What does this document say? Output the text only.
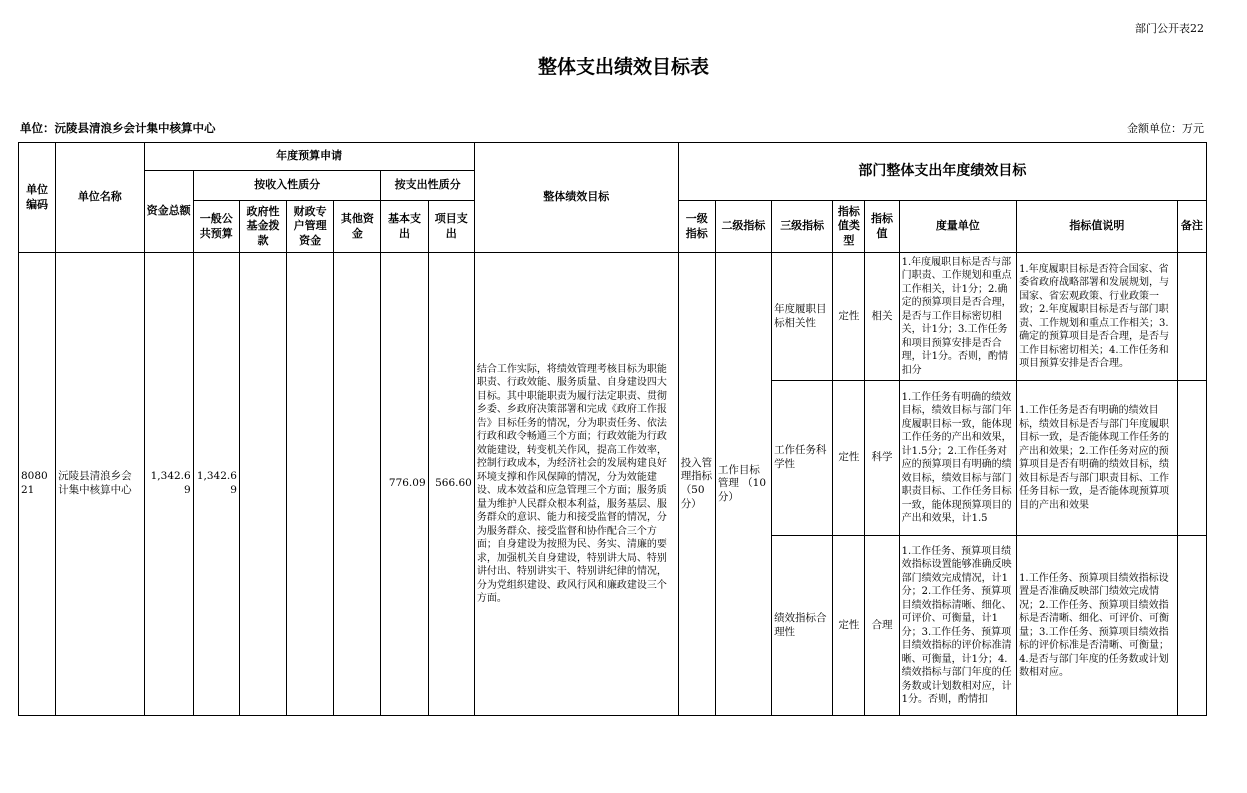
部门公开表22
整体支出绩效目标表
单位：沅陵县清浪乡会计集中核算中心	金额单位：万元
单位编码	单位名称	年度预算申请							整体绩效目标	部门整体支出年度绩效目标							
		资金总额	按收入性质分				按支出性质分										
			一般公共预算	政府性基金拨款	财政专户管理资金	其他资金	基本支出	项目支出		一级指标	二级指标	三级指标	指标值类型	指标值	度量单位	指标值说明	备注
808021	沅陵县清浪乡会计集中核算中心	1,342.69	1,342.69				776.09	566.60	结合工作实际，将绩效管理考核目标为职能职责、行政效能、服务质量、自身建设四大目标。其中职能职责为履行法定职责、贯彻乡委、乡政府决策部署和完成《政府工作报告》目标任务的情况，分为职责任务、依法行政和政令畅通三个方面；行政效能为行政效能建设，转变机关作风，提高工作效率，控制行政成本，为经济社会的发展构建良好环境支撑和作风保障的情况，分为效能建设、成本效益和应急管理三个方面；服务质量为维护人民群众根本利益，服务基层、服务群众的意识、能力和接受监督的情况，分为服务群众、接受监督和协作配合三个方面；自身建设为按照为民、务实、清廉的要求，加强机关自身建设，特别讲大局、特别讲付出、特别讲实干、特别讲纪律的情况，分为党组织建设、政风行风和廉政建设三个方面。	投入管理指标（50分）	工作目标管理 （10分）	年度履职目标相关性	定性	相关	1.年度履职目标是否与部门职责、工作规划和重点工作相关，计1分；2.确定的预算项目是否合理，是否与工作目标密切相关，计1分；3.工作任务和项目预算安排是否合理，计1分。否则，酌情扣分	1.年度履职目标是否符合国家、省委省政府战略部署和发展规划，与国家、省宏观政策、行业政策一致；2.年度履职目标是否与部门职责、工作规划和重点工作相关；3.确定的预算项目是否合理，是否与工作目标密切相关；4.工作任务和项目预算安排是否合理。	
												工作任务科学性	定性	科学	1.工作任务有明确的绩效目标，绩效目标与部门年度履职目标一致，能体现工作任务的产出和效果，计1.5分；2.工作任务对应的预算项目有明确的绩效目标，绩效目标与部门职责目标、工作任务目标一致，能体现预算项目的产出和效果，计1.5	1.工作任务是否有明确的绩效目标，绩效目标是否与部门年度履职目标一致，是否能体现工作任务的产出和效果；2.工作任务对应的预算项目是否有明确的绩效目标，绩效目标是否与部门职责目标、工作任务目标一致，是否能体现预算项目的产出和效果	
												绩效指标合理性	定性	合理	1.工作任务、预算项目绩效指标设置能够准确反映部门绩效完成情况，计1分；2.工作任务、预算项目绩效指标清晰、细化、可评价、可衡量，计1分；3.工作任务、预算项目绩效指标的评价标准清晰、可衡量，计1分；4.绩效指标与部门年度的任务数或计划数相对应，计1分。否则，酌情扣	1.工作任务、预算项目绩效指标设置是否准确反映部门绩效完成情况；2.工作任务、预算项目绩效指标是否清晰、细化、可评价、可衡量；3.工作任务、预算项目绩效指标的评价标准是否清晰、可衡量；4.是否与部门年度的任务数或计划数相对应。	
